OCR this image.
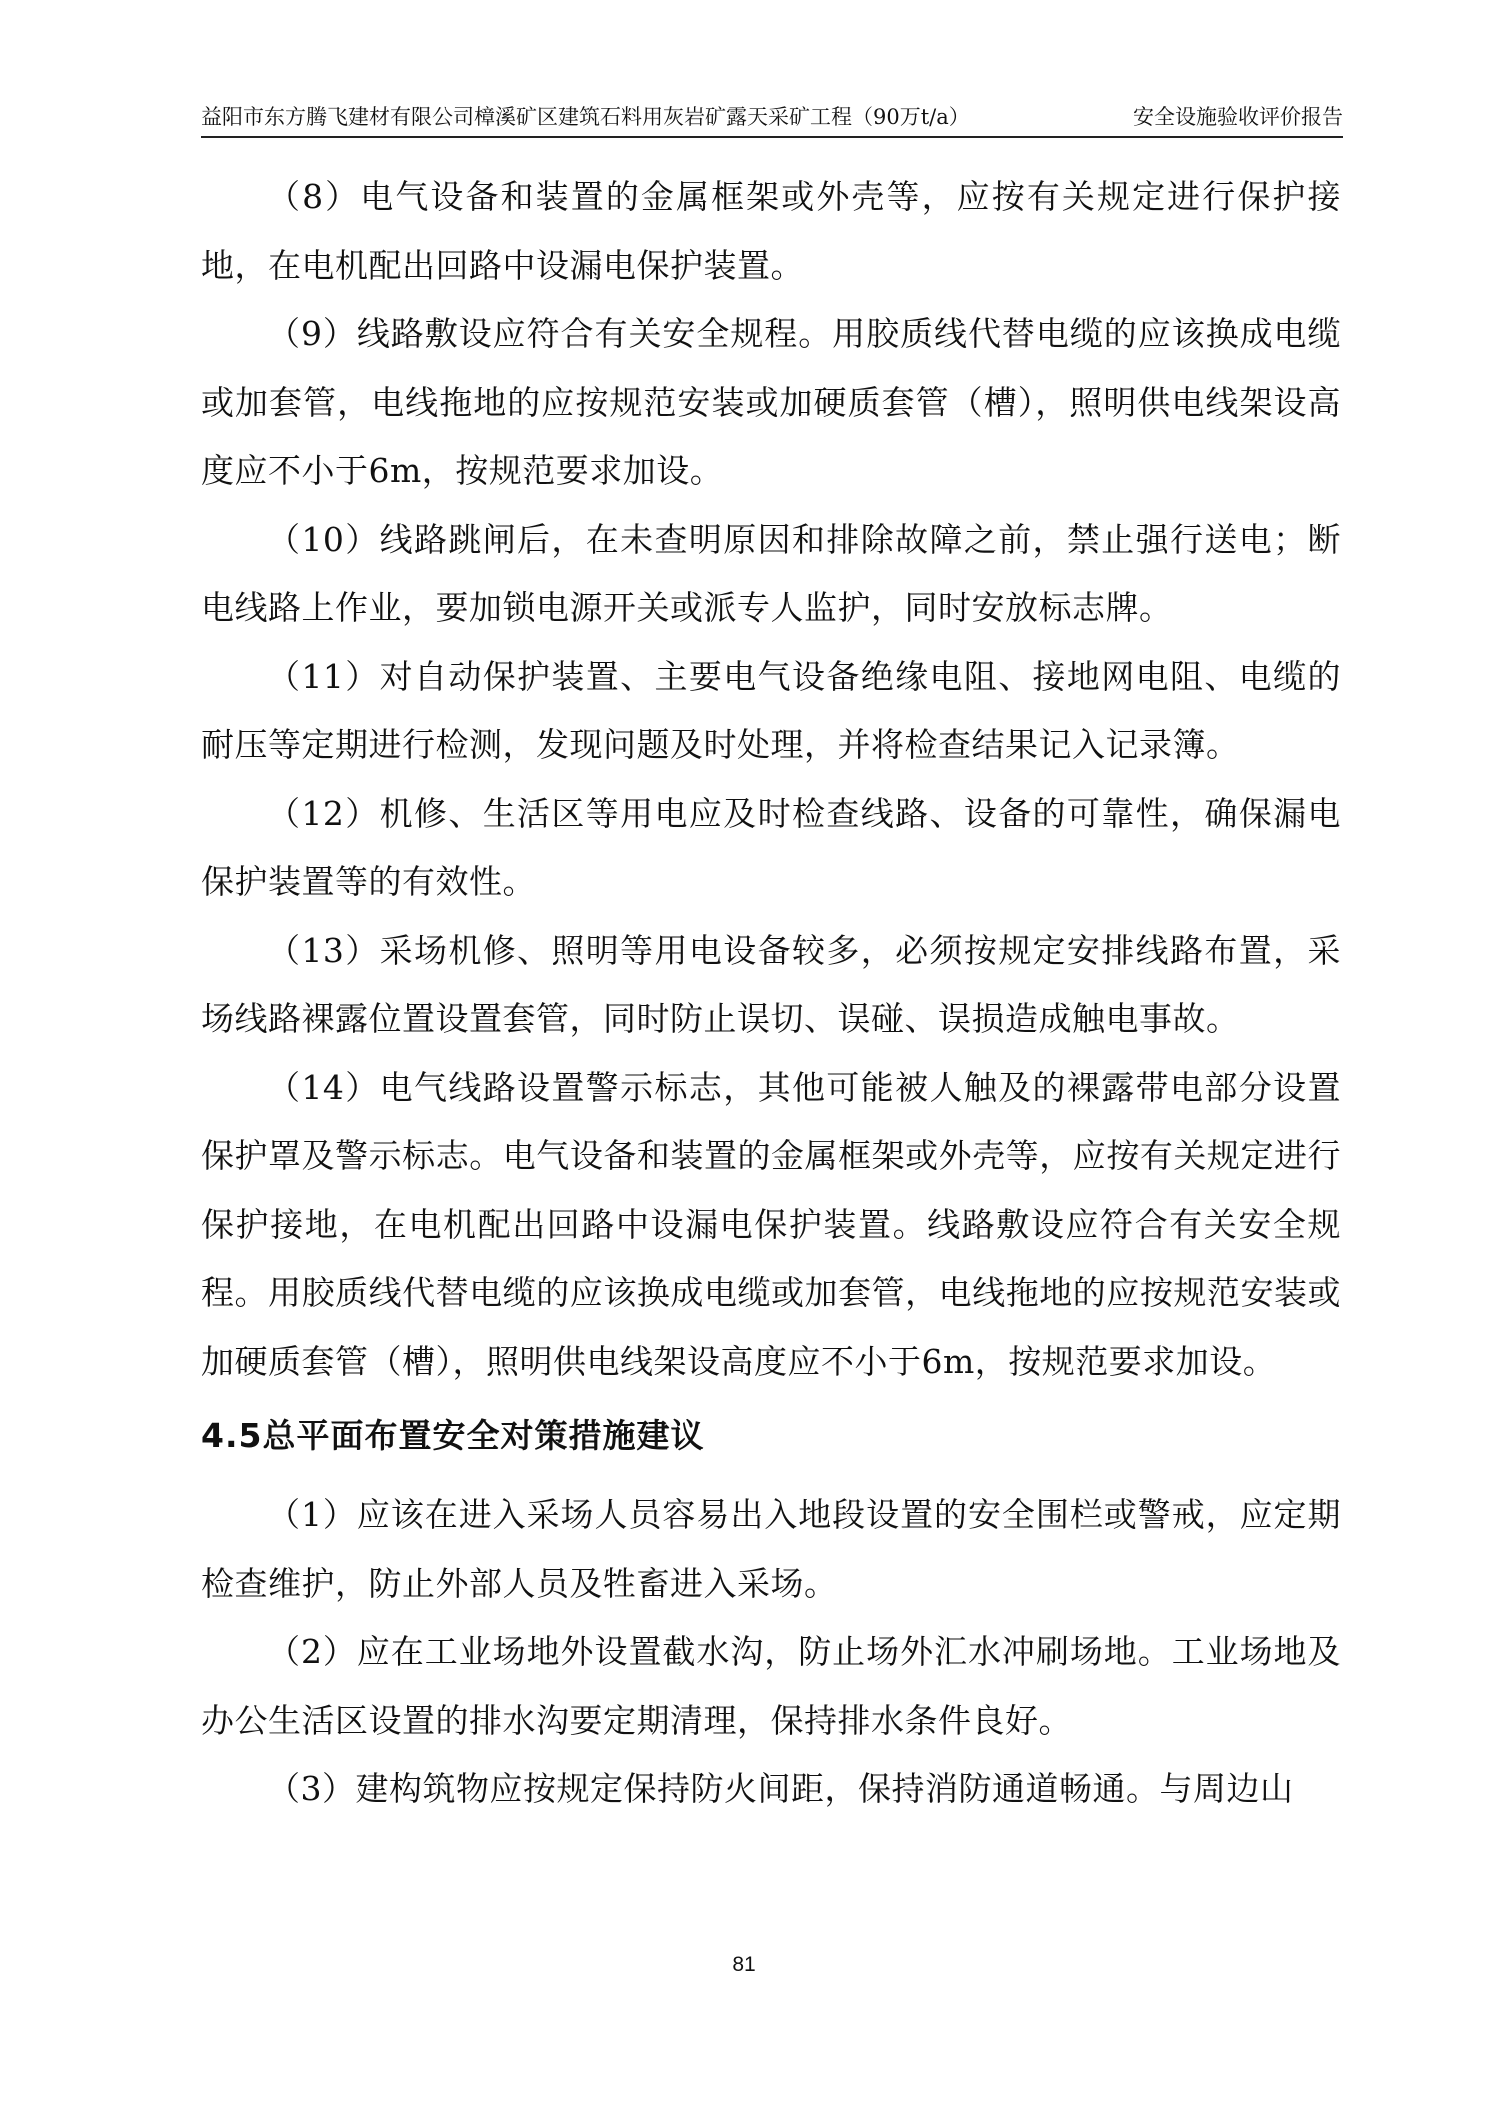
益阳市东方腾飞建材有限公司樟溪矿区建筑石料用灰岩矿露天采矿工程（90万t/a）	安全设施验收评价报告

（8）电气设备和装置的金属框架或外壳等，应按有关规定进行保护接地，在电机配出回路中设漏电保护装置。

（9）线路敷设应符合有关安全规程。用胶质线代替电缆的应该换成电缆或加套管，电线拖地的应按规范安装或加硬质套管（槽），照明供电线架设高度应不小于6m，按规范要求加设。

（10）线路跳闸后，在未查明原因和排除故障之前，禁止强行送电；断电线路上作业，要加锁电源开关或派专人监护，同时安放标志牌。

（11）对自动保护装置、主要电气设备绝缘电阻、接地网电阻、电缆的耐压等定期进行检测，发现问题及时处理，并将检查结果记入记录簿。

（12）机修、生活区等用电应及时检查线路、设备的可靠性，确保漏电保护装置等的有效性。

（13）采场机修、照明等用电设备较多，必须按规定安排线路布置，采场线路裸露位置设置套管，同时防止误切、误碰、误损造成触电事故。

（14）电气线路设置警示标志，其他可能被人触及的裸露带电部分设置保护罩及警示标志。电气设备和装置的金属框架或外壳等，应按有关规定进行保护接地，在电机配出回路中设漏电保护装置。线路敷设应符合有关安全规程。用胶质线代替电缆的应该换成电缆或加套管，电线拖地的应按规范安装或加硬质套管（槽），照明供电线架设高度应不小于6m，按规范要求加设。

4.5总平面布置安全对策措施建议

（1）应该在进入采场人员容易出入地段设置的安全围栏或警戒，应定期检查维护，防止外部人员及牲畜进入采场。

（2）应在工业场地外设置截水沟，防止场外汇水冲刷场地。工业场地及办公生活区设置的排水沟要定期清理，保持排水条件良好。

（3）建构筑物应按规定保持防火间距，保持消防通道畅通。与周边山

81
